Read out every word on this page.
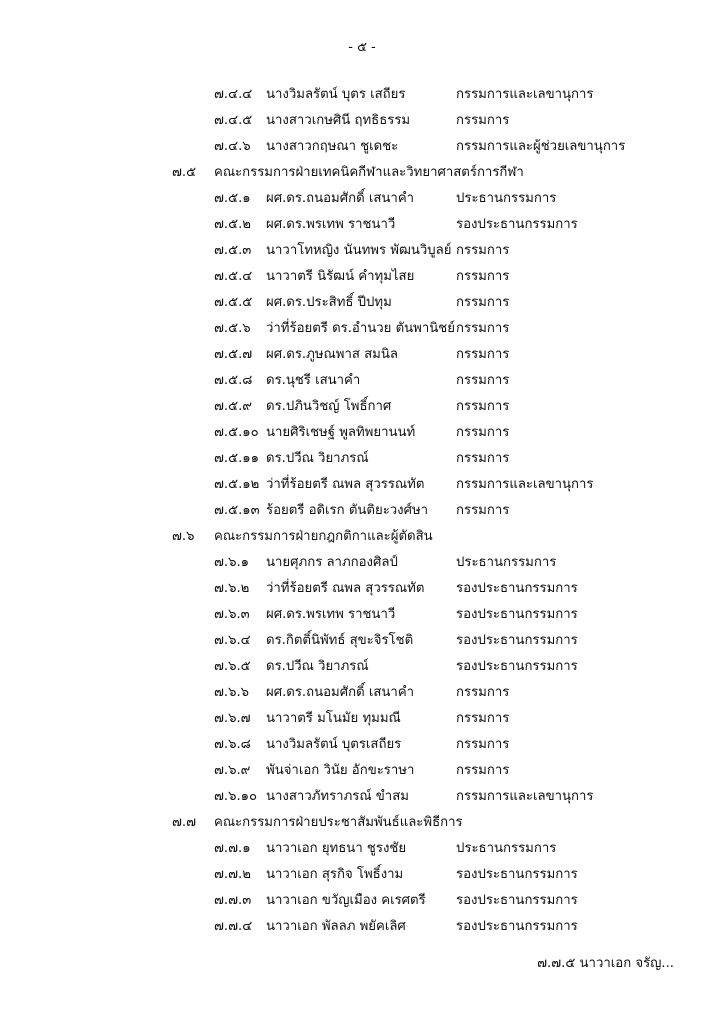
- ๕ -
๗.๔.๔ นางวิมลรัตน์ บุตร เสถียร	กรรมการและเลขานุการ
๗.๔.๕ นางสาวเกษศินี ฤทธิธรรม	กรรมการ
๗.๔.๖ นางสาวกฤษณา ชูเดชะ	กรรมการและผู้ช่วยเลขานุการ
๗.๕ คณะกรรมการฝ่ายเทคนิคกีฬาและวิทยาศาสตร์การกีฬา
๗.๕.๑ ผศ.ดร.ถนอมศักดิ์ เสนาคำ	ประธานกรรมการ
๗.๕.๒ ผศ.ดร.พรเทพ ราชนาวี	รองประธานกรรมการ
๗.๕.๓ นาวาโทหญิง นันทพร พัฒนวิบูลย์ กรรมการ
๗.๕.๔ นาวาตรี นิรัฒน์ คำทุมไสย	กรรมการ
๗.๕.๕ ผศ.ดร.ประสิทธิ์ ปีปทุม	กรรมการ
๗.๕.๖ ว่าที่ร้อยตรี ดร.อำนวย ตันพานิชย์ กรรมการ
๗.๕.๗ ผศ.ดร.ภูษณพาส สมนิล	กรรมการ
๗.๕.๘ ดร.นุชรี เสนาคำ	กรรมการ
๗.๕.๙ ดร.ปภินวิชญ์ โพธิ์กาศ	กรรมการ
๗.๕.๑๐ นายศิริเชษฐ์ พูลทิพยานนท์	กรรมการ
๗.๕.๑๑ ดร.ปวีณ วิยาภรณ์	กรรมการ
๗.๕.๑๒ ว่าที่ร้อยตรี ณพล สุวรรณทัต กรรมการและเลขานุการ
๗.๕.๑๓ ร้อยตรี อดิเรก ตันติยะวงศ์ษา กรรมการ
๗.๖ คณะกรรมการฝ่ายกฎกติกาและผู้ตัดสิน
๗.๖.๑ นายศุภกร ลาภกองศิลป์	ประธานกรรมการ
๗.๖.๒ ว่าที่ร้อยตรี ณพล สุวรรณทัต รองประธานกรรมการ
๗.๖.๓ ผศ.ดร.พรเทพ ราชนาวี	รองประธานกรรมการ
๗.๖.๔ ดร.กิตติ์นิพัทธ์ สุขะจิรโชติ	รองประธานกรรมการ
๗.๖.๕ ดร.ปวีณ วิยาภรณ์	รองประธานกรรมการ
๗.๖.๖ ผศ.ดร.ถนอมศักดิ์ เสนาคำ	กรรมการ
๗.๖.๗ นาวาตรี มโนมัย ทุมมณี	กรรมการ
๗.๖.๘ นางวิมลรัตน์ บุตรเสถียร	กรรมการ
๗.๖.๙ พันจ่าเอก วินัย อักขะราษา	กรรมการ
๗.๖.๑๐ นางสาวภัทราภรณ์ ขำสม	กรรมการและเลขานุการ
๗.๗ คณะกรรมการฝ่ายประชาสัมพันธ์และพิธีการ
๗.๗.๑ นาวาเอก ยุทธนา ชูรงชัย	ประธานกรรมการ
๗.๗.๒ นาวาเอก สุรกิจ โพธิ์งาม	รองประธานกรรมการ
๗.๗.๓ นาวาเอก ขวัญเมือง คเรศตรี รองประธานกรรมการ
๗.๗.๔ นาวาเอก พัลลภ พยัคเลิศ	รองประธานกรรมการ
๗.๗.๕ นาวาเอก จรัญ...
